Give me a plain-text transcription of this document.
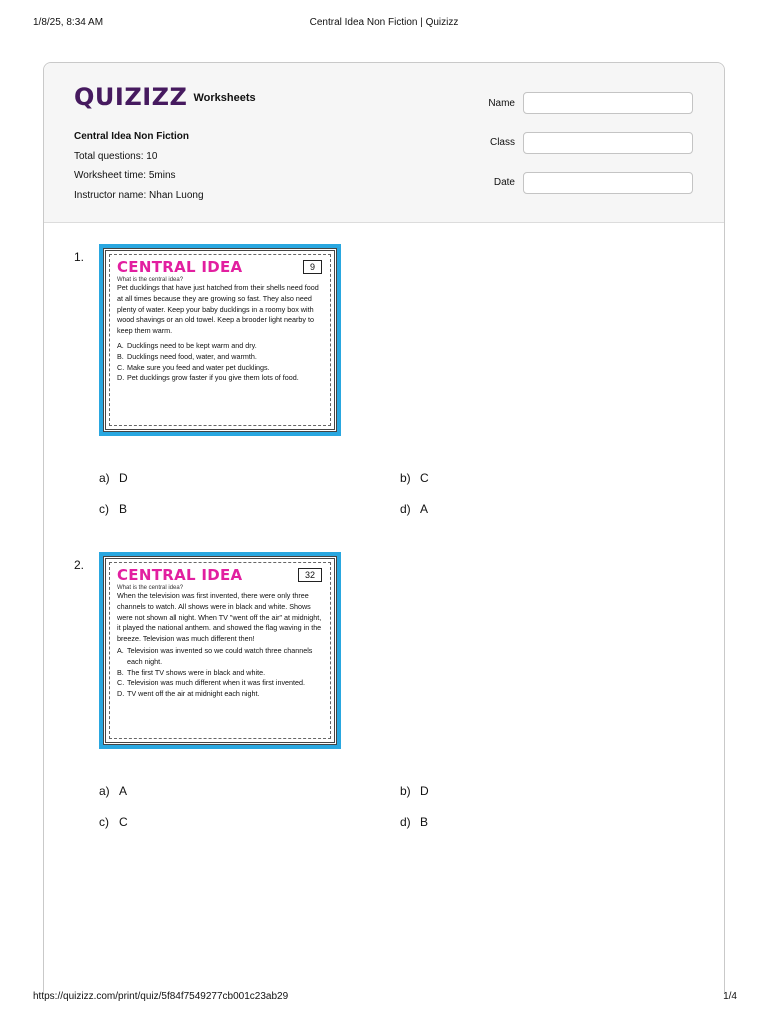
1/8/25, 8:34 AM	Central Idea Non Fiction | Quizizz
QUIZIZZ Worksheets
Central Idea Non Fiction
Total questions: 10
Worksheet time: 5mins
Instructor name: Nhan Luong
Name
Class
Date
1.
CENTRAL IDEA	9
What is the central idea?
Pet ducklings that have just hatched from their shells need food at all times because they are growing so fast. They also need plenty of water. Keep your baby ducklings in a roomy box with wood shavings or an old towel. Keep a brooder light nearby to keep them warm.
A. Ducklings need to be kept warm and dry.
B. Ducklings need food, water, and warmth.
C. Make sure you feed and water pet ducklings.
D. Pet ducklings grow faster if you give them lots of food.
a) D	b) C
c) B	d) A
2.
CENTRAL IDEA	32
What is the central idea?
When the television was first invented, there were only three channels to watch. All shows were in black and white. Shows were not shown all night. When TV "went off the air" at midnight, it played the national anthem. and showed the flag waving in the breeze. Television was much different then!
A. Television was invented so we could watch three channels each night.
B. The first TV shows were in black and white.
C. Television was much different when it was first invented.
D. TV went off the air at midnight each night.
a) A	b) D
c) C	d) B
https://quizizz.com/print/quiz/5f84f7549277cb001c23ab29	1/4
